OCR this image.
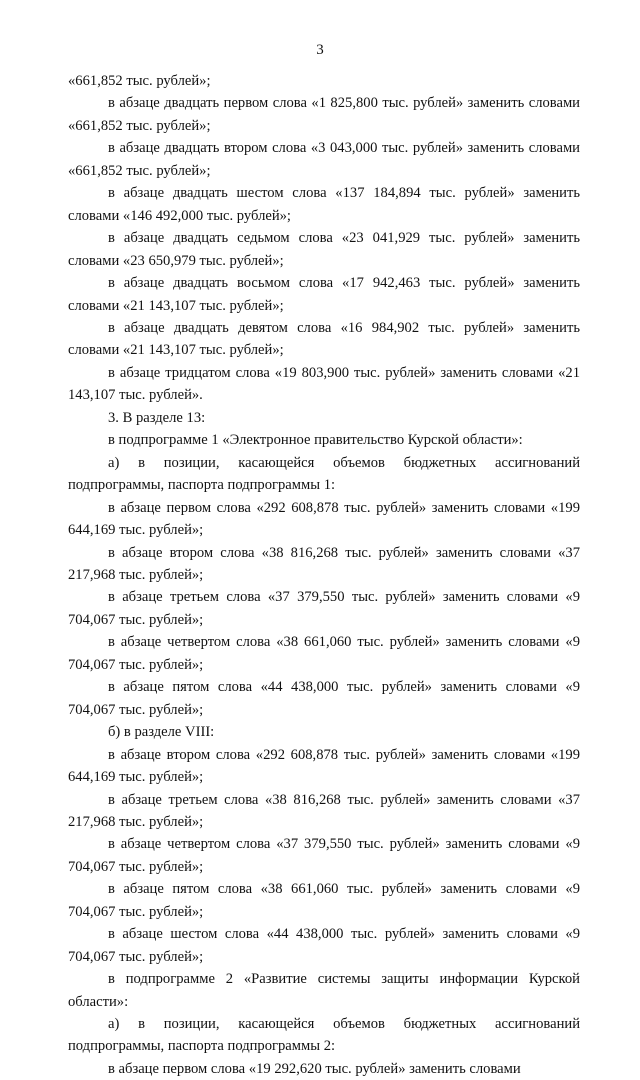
3

«661,852 тыс. рублей»;

в абзаце двадцать первом слова «1 825,800 тыс. рублей» заменить словами «661,852 тыс. рублей»;

в абзаце двадцать втором слова «3 043,000 тыс. рублей» заменить словами «661,852 тыс. рублей»;

в абзаце двадцать шестом слова «137 184,894 тыс. рублей» заменить словами «146 492,000 тыс. рублей»;

в абзаце двадцать седьмом слова «23 041,929 тыс. рублей» заменить словами «23 650,979 тыс. рублей»;

в абзаце двадцать восьмом слова «17 942,463 тыс. рублей» заменить словами «21 143,107 тыс. рублей»;

в абзаце двадцать девятом слова «16 984,902 тыс. рублей» заменить словами «21 143,107 тыс. рублей»;

в абзаце тридцатом слова «19 803,900 тыс. рублей» заменить словами «21 143,107 тыс. рублей».

3. В разделе 13:

в подпрограмме 1 «Электронное правительство Курской области»:

а) в позиции, касающейся объемов бюджетных ассигнований подпрограммы, паспорта подпрограммы 1:

в абзаце первом слова «292 608,878 тыс. рублей» заменить словами «199 644,169 тыс. рублей»;

в абзаце втором слова «38 816,268 тыс. рублей» заменить словами «37 217,968 тыс. рублей»;

в абзаце третьем слова «37 379,550 тыс. рублей» заменить словами «9 704,067 тыс. рублей»;

в абзаце четвертом слова «38 661,060 тыс. рублей» заменить словами «9 704,067 тыс. рублей»;

в абзаце пятом слова «44 438,000 тыс. рублей» заменить словами «9 704,067 тыс. рублей»;

б) в разделе VIII:

в абзаце втором слова «292 608,878 тыс. рублей» заменить словами «199 644,169 тыс. рублей»;

в абзаце третьем слова «38 816,268 тыс. рублей» заменить словами «37 217,968 тыс. рублей»;

в абзаце четвертом слова «37 379,550 тыс. рублей» заменить словами «9 704,067 тыс. рублей»;

в абзаце пятом слова «38 661,060 тыс. рублей» заменить словами «9 704,067 тыс. рублей»;

в абзаце шестом слова «44 438,000 тыс. рублей» заменить словами «9 704,067 тыс. рублей»;

в подпрограмме 2 «Развитие системы защиты информации Курской области»:

а) в позиции, касающейся объемов бюджетных ассигнований подпрограммы, паспорта подпрограммы 2:

в абзаце первом слова «19 292,620 тыс. рублей» заменить словами
